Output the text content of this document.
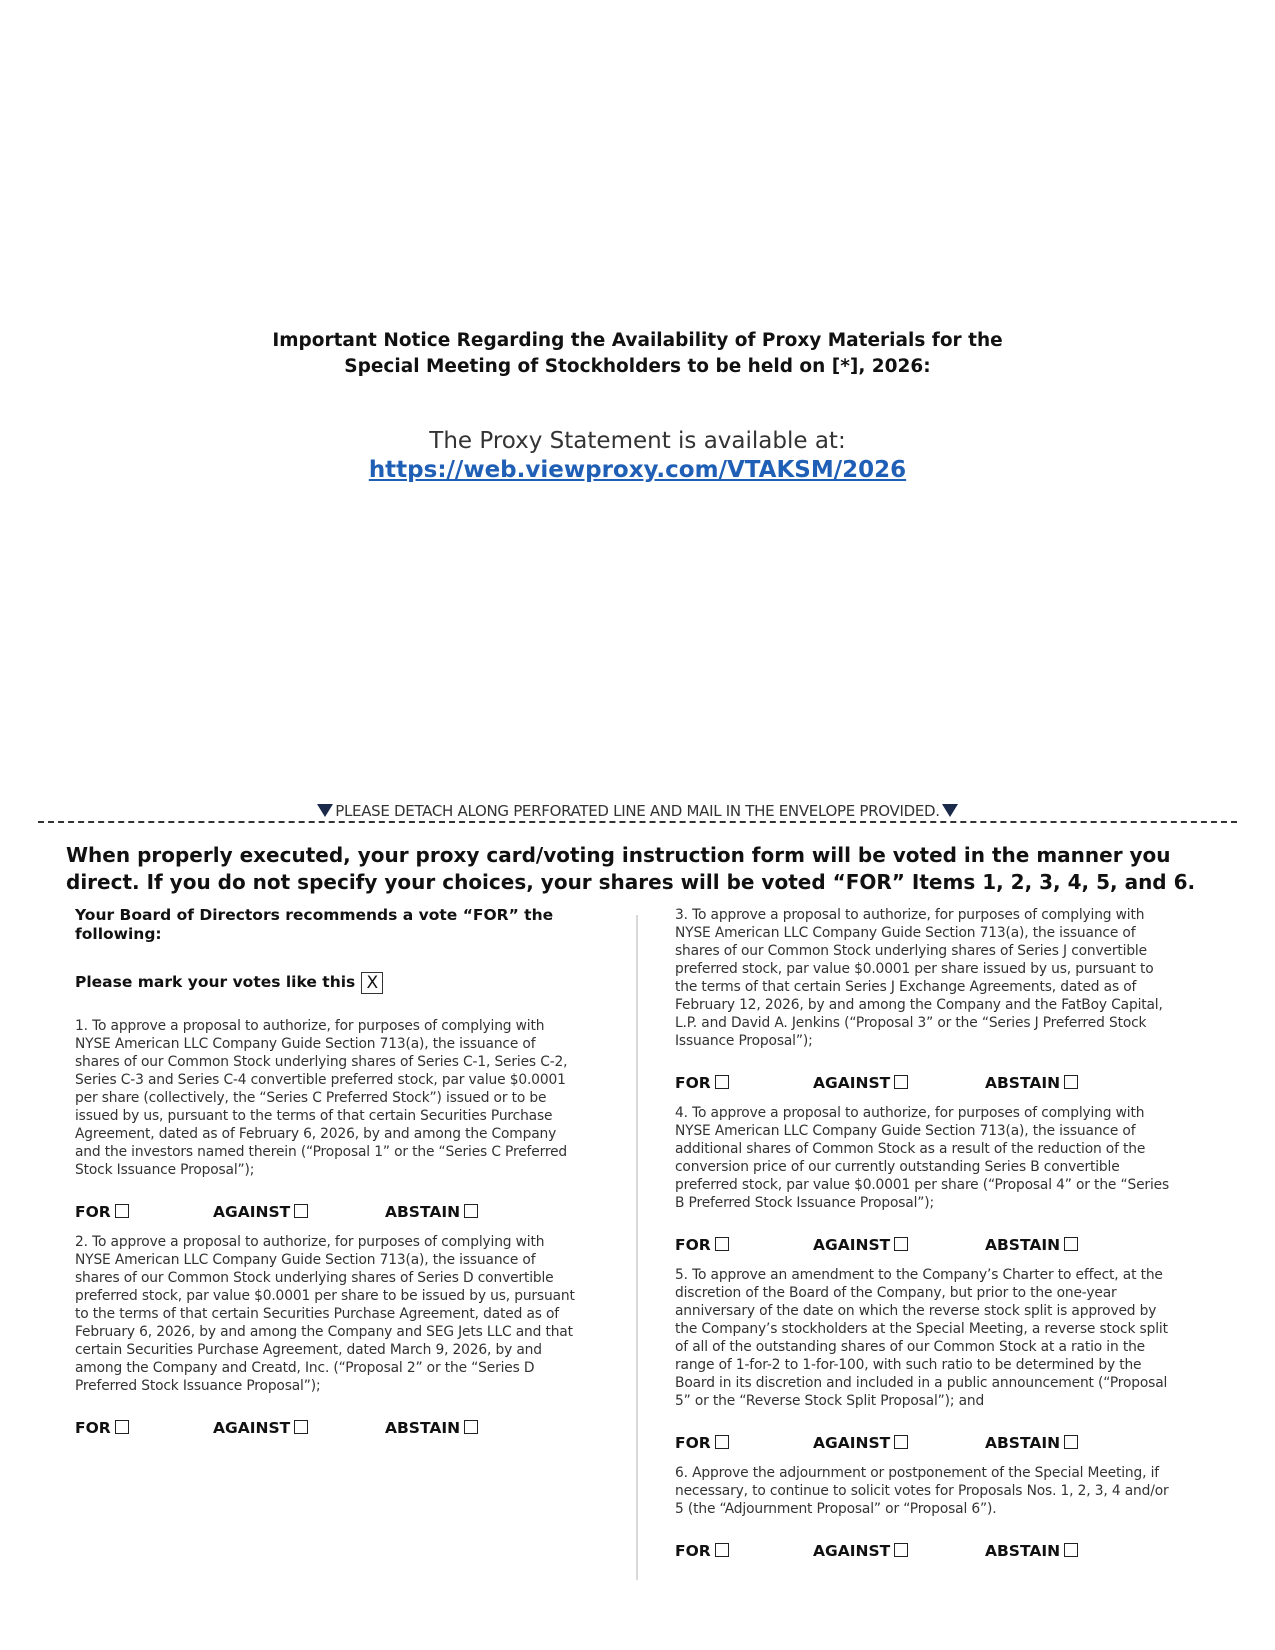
Important Notice Regarding the Availability of Proxy Materials for the
Special Meeting of Stockholders to be held on [*], 2026:
The Proxy Statement is available at:
https://web.viewproxy.com/VTAKSM/2026
PLEASE DETACH ALONG PERFORATED LINE AND MAIL IN THE ENVELOPE PROVIDED.
When properly executed, your proxy card/voting instruction form will be voted in the manner you direct. If you do not specify your choices, your shares will be voted “FOR” Items 1, 2, 3, 4, 5, and 6.
Your Board of Directors recommends a vote “FOR” the following:
Please mark your votes like this X
1. To approve a proposal to authorize, for purposes of complying with NYSE American LLC Company Guide Section 713(a), the issuance of shares of our Common Stock underlying shares of Series C-1, Series C-2, Series C-3 and Series C-4 convertible preferred stock, par value $0.0001 per share (collectively, the “Series C Preferred Stock”) issued or to be issued by us, pursuant to the terms of that certain Securities Purchase Agreement, dated as of February 6, 2026, by and among the Company and the investors named therein (“Proposal 1” or the “Series C Preferred Stock Issuance Proposal”);
FOR	AGAINST	ABSTAIN
2. To approve a proposal to authorize, for purposes of complying with NYSE American LLC Company Guide Section 713(a), the issuance of shares of our Common Stock underlying shares of Series D convertible preferred stock, par value $0.0001 per share to be issued by us, pursuant to the terms of that certain Securities Purchase Agreement, dated as of February 6, 2026, by and among the Company and SEG Jets LLC and that certain Securities Purchase Agreement, dated March 9, 2026, by and among the Company and Creatd, Inc. (“Proposal 2” or the “Series D Preferred Stock Issuance Proposal”);
FOR	AGAINST	ABSTAIN
3. To approve a proposal to authorize, for purposes of complying with NYSE American LLC Company Guide Section 713(a), the issuance of shares of our Common Stock underlying shares of Series J convertible preferred stock, par value $0.0001 per share issued by us, pursuant to the terms of that certain Series J Exchange Agreements, dated as of February 12, 2026, by and among the Company and the FatBoy Capital, L.P. and David A. Jenkins (“Proposal 3” or the “Series J Preferred Stock Issuance Proposal”);
FOR	AGAINST	ABSTAIN
4. To approve a proposal to authorize, for purposes of complying with NYSE American LLC Company Guide Section 713(a), the issuance of additional shares of Common Stock as a result of the reduction of the conversion price of our currently outstanding Series B convertible preferred stock, par value $0.0001 per share (“Proposal 4” or the “Series B Preferred Stock Issuance Proposal”);
FOR	AGAINST	ABSTAIN
5. To approve an amendment to the Company’s Charter to effect, at the discretion of the Board of the Company, but prior to the one-year anniversary of the date on which the reverse stock split is approved by the Company’s stockholders at the Special Meeting, a reverse stock split of all of the outstanding shares of our Common Stock at a ratio in the range of 1-for-2 to 1-for-100, with such ratio to be determined by the Board in its discretion and included in a public announcement (“Proposal 5” or the “Reverse Stock Split Proposal”); and
FOR	AGAINST	ABSTAIN
6. Approve the adjournment or postponement of the Special Meeting, if necessary, to continue to solicit votes for Proposals Nos. 1, 2, 3, 4 and/or 5 (the “Adjournment Proposal” or “Proposal 6”).
FOR	AGAINST	ABSTAIN
